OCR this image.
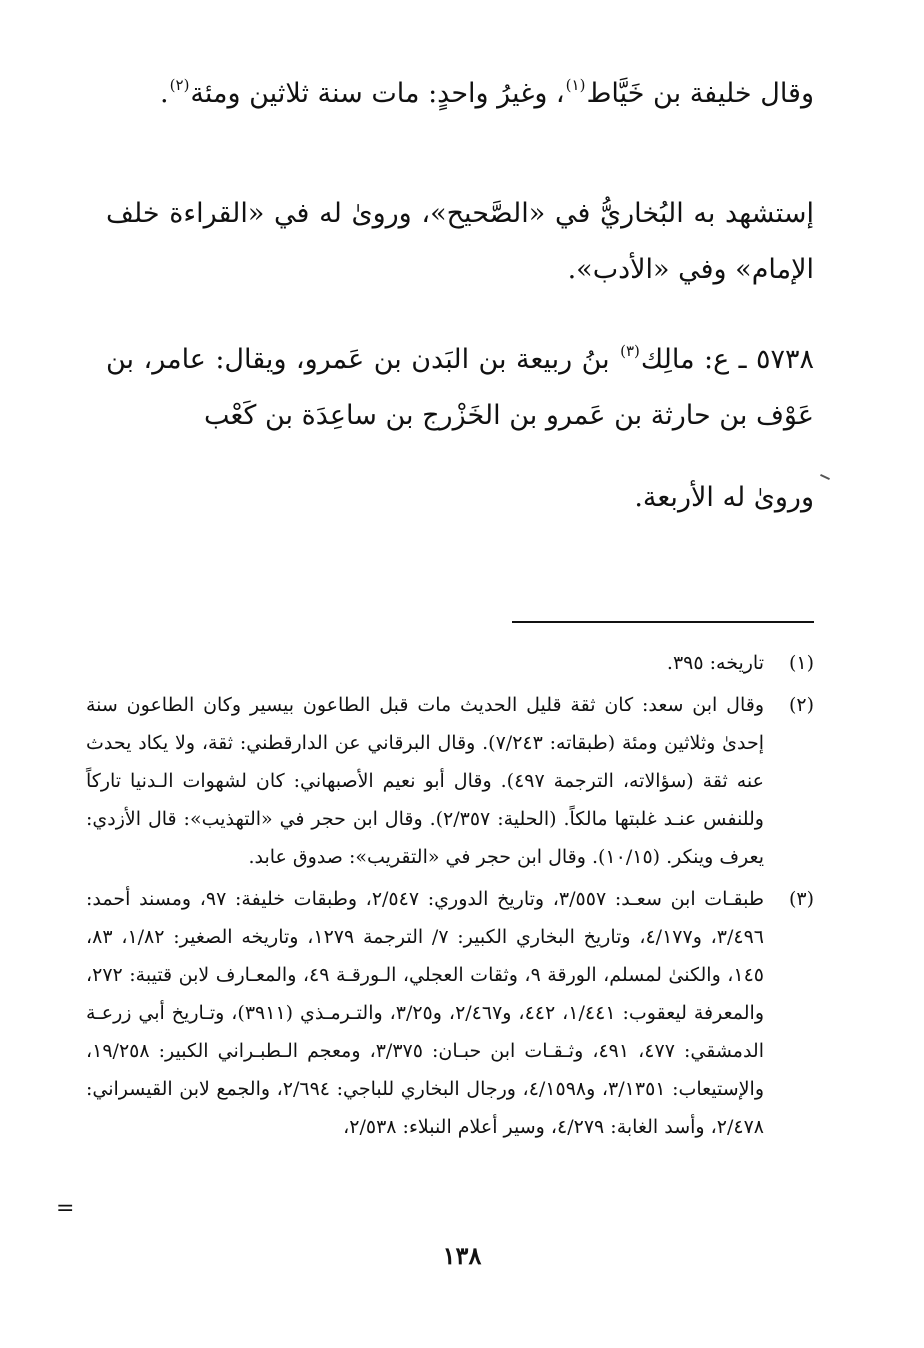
وقال خليفة بن خَيَّاط$^{(١)}$، وغيرُ واحدٍ: مات سنة ثلاثين ومئة$^{(٢)}$.

إستشهد به البُخاريُّ في «الصَّحيح»، وروىٰ له في «القراءة خلف الإمام» وفي «الأدب».

٥٧٣٨ ـ ع: مالِك$^{(٣)}$ بنُ ربيعة بن البَدن بن عَمرو، ويقال: عامر، بن عَوْف بن حارثة بن عَمرو بن الخَزْرج بن ساعِدَة بن كَعْب

وروىٰ له الأربعة.

(١)

تاريخه: ٣٩٥.

(٢)

وقال ابن سعد: كان ثقة قليل الحديث مات قبل الطاعون بيسير وكان الطاعون سنة إحدىٰ وثلاثين ومئة (طبقاته: ٧/٢٤٣). وقال البرقاني عن الدارقطني: ثقة، ولا يكاد يحدث عنه ثقة (سؤالاته، الترجمة ٤٩٧). وقال أبو نعيم الأصبهاني: كان لشهوات الـدنيا تاركاً وللنفس عنـد غلبتها مالكاً. (الحلية: ٢/٣٥٧). وقال ابن حجر في «التهذيب»: قال الأزدي: يعرف وينكر. (١٠/١٥). وقال ابن حجر في «التقريب»: صدوق عابد.

(٣)

طبقـات ابن سعـد: ٣/٥٥٧، وتاريخ الدوري: ٢/٥٤٧، وطبقات خليفة: ٩٧، ومسند أحمد: ٣/٤٩٦، و٤/١٧٧، وتاريخ البخاري الكبير: ٧/ الترجمة ١٢٧٩، وتاريخه الصغير: ١/٨٢، ٨٣، ١٤٥، والكنىٰ لمسلم، الورقة ٩، وثقات العجلي، الـورقـة ٤٩، والمعـارف لابن قتيبة: ٢٧٢، والمعرفة ليعقوب: ١/٤٤١، ٤٤٢، و٢/٤٦٧، و٣/٢٥، والتـرمـذي (٣٩١١)، وتـاريخ أبي زرعـة الدمشقي: ٤٧٧، ٤٩١، وثـقـات ابن حبـان: ٣/٣٧٥، ومعجم الـطبـراني الكبير: ١٩/٢٥٨، والإستيعاب: ٣/١٣٥١، و٤/١٥٩٨، ورجال البخاري للباجي: ٢/٦٩٤، والجمع لابن القيسراني: ٢/٤٧٨، وأسد الغابة: ٤/٢٧٩، وسير أعلام النبلاء: ٢/٥٣٨،

=
١٣٨
